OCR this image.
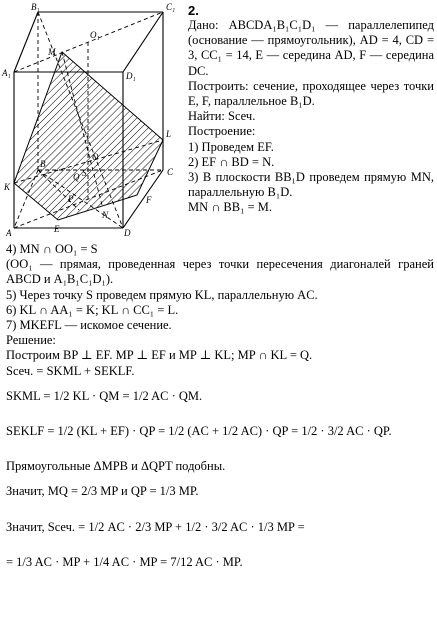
B₁	C₁
A₁	D₁
O₁
M
K
L
O
S
P
Q
B
C
A	D
E
F
N
2.

Дано: ABCDA₁B₁C₁D₁ — параллелепипед (основание — прямоугольник), AD = 4, CD = 3, CC₁ = 14, E — середина AD, F — середина DC.

Построить: сечение, проходящее через точки E, F, параллельное B₁D.

Найти: Sсеч.

Построение:

1) Проведем EF.

2) EF ∩ BD = N.

3) В плоскости BB₁D проведем прямую MN, параллельную B₁D.

MN ∩ BB₁ = M.

4) MN ∩ OO₁ = S

(OO₁ — прямая, проведенная через точки пересечения диагоналей граней ABCD и A₁B₁C₁D₁).

5) Через точку S проведем прямую KL, параллельную AC.

6) KL ∩ AA₁ = K; KL ∩ CC₁ = L.

7) MKEFL — искомое сечение.

Решение:

Построим BP ⊥ EF. MP ⊥ EF и MP ⊥ KL; MP ∩ KL = Q.

Sсеч. = SKML + SEKLF.

SKML = 1/2 KL · QM = 1/2 AC · QM.

SEKLF = 1/2 (KL + EF) · QP = 1/2 (AC + 1/2 AC) · QP = 1/2 · 3/2 AC · QP.

Прямоугольные ΔMPB и ΔQPT подобны.

Значит, MQ = 2/3 MP и QP = 1/3 MP.

Значит, Sсеч. = 1/2 AC · 2/3 MP + 1/2 · 3/2 AC · 1/3 MP =

= 1/3 AC · MP + 1/4 AC · MP = 7/12 AC · MP.
